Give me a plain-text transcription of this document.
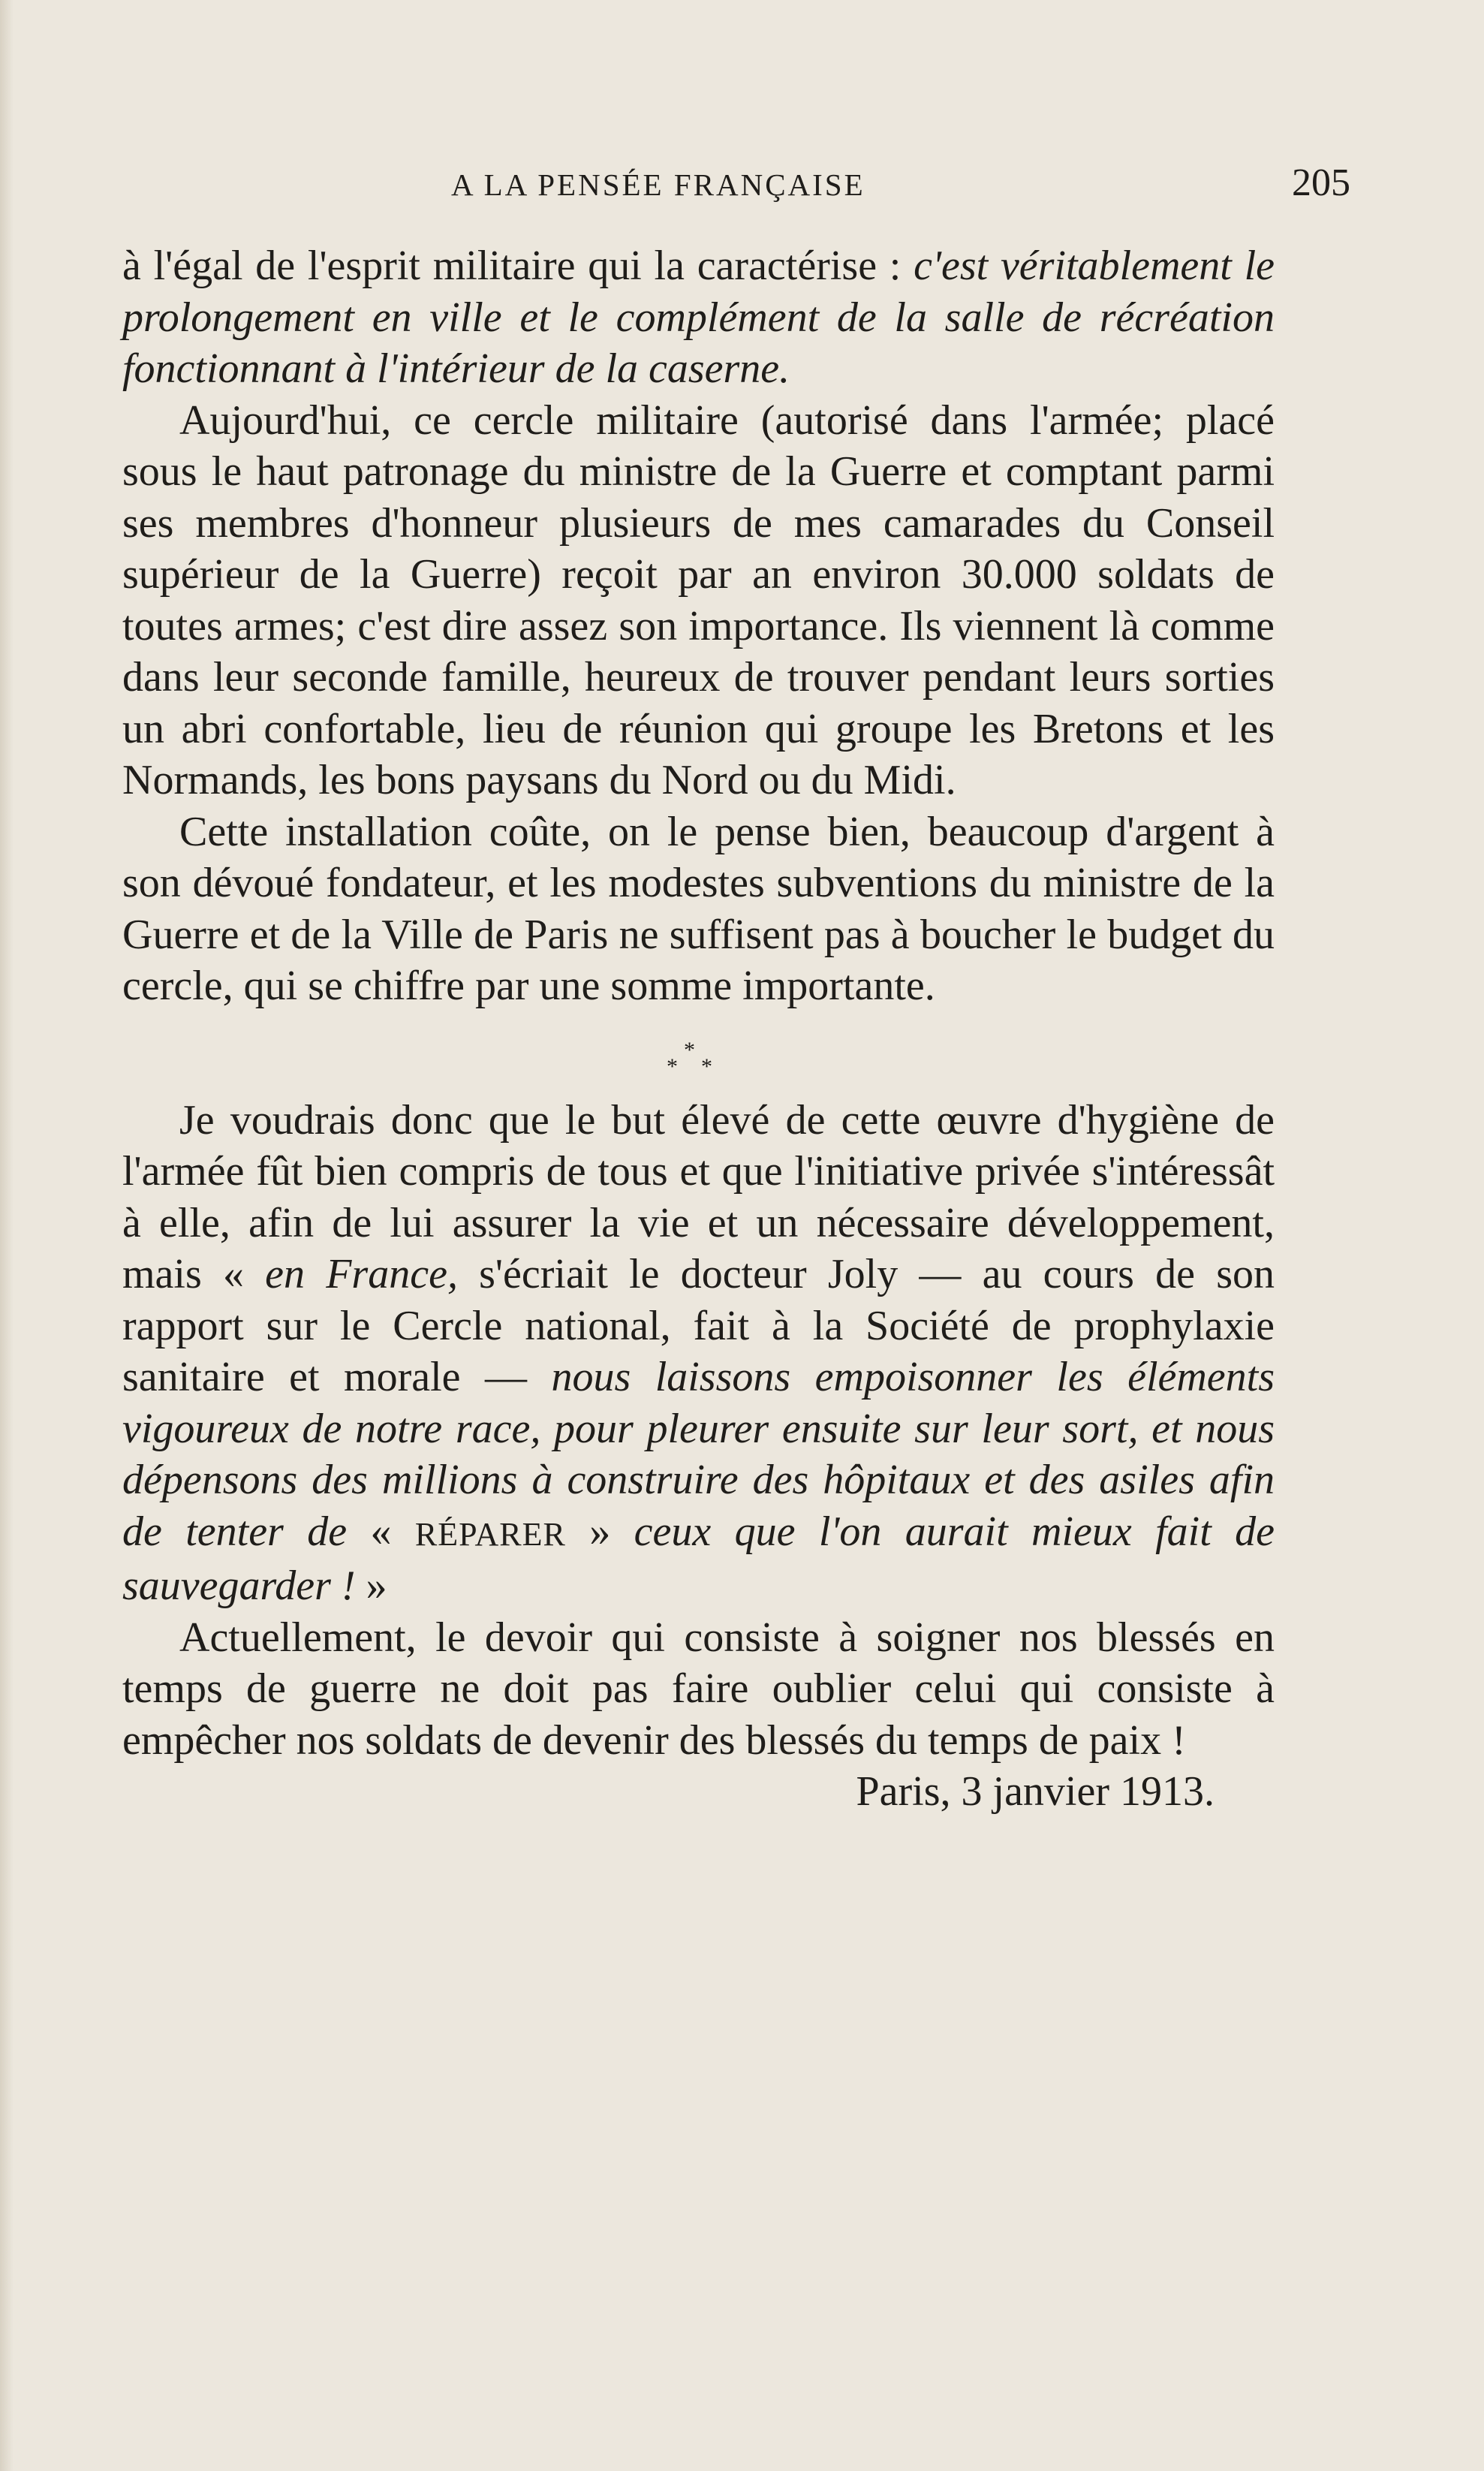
A LA PENSÉE FRANÇAISE	205

à l'égal de l'esprit militaire qui la caractérise : c'est véritablement le prolongement en ville et le complément de la salle de récréation fonctionnant à l'intérieur de la caserne.

Aujourd'hui, ce cercle militaire (autorisé dans l'armée; placé sous le haut patronage du ministre de la Guerre et comptant parmi ses membres d'honneur plusieurs de mes camarades du Conseil supérieur de la Guerre) reçoit par an environ 30.000 soldats de toutes armes; c'est dire assez son importance. Ils viennent là comme dans leur seconde famille, heureux de trouver pendant leurs sorties un abri confortable, lieu de réunion qui groupe les Bretons et les Normands, les bons paysans du Nord ou du Midi.

Cette installation coûte, on le pense bien, beaucoup d'argent à son dévoué fondateur, et les modestes subventions du ministre de la Guerre et de la Ville de Paris ne suffisent pas à boucher le budget du cercle, qui se chiffre par une somme importante.

*
* *

Je voudrais donc que le but élevé de cette œuvre d'hygiène de l'armée fût bien compris de tous et que l'initiative privée s'intéressât à elle, afin de lui assurer la vie et un nécessaire développement, mais « en France, s'écriait le docteur Joly — au cours de son rapport sur le Cercle national, fait à la Société de prophylaxie sanitaire et morale — nous laissons empoisonner les éléments vigoureux de notre race, pour pleurer ensuite sur leur sort, et nous dépensons des millions à construire des hôpitaux et des asiles afin de tenter de « RÉPARER » ceux que l'on aurait mieux fait de sauvegarder ! »

Actuellement, le devoir qui consiste à soigner nos blessés en temps de guerre ne doit pas faire oublier celui qui consiste à empêcher nos soldats de devenir des blessés du temps de paix !

Paris, 3 janvier 1913.
